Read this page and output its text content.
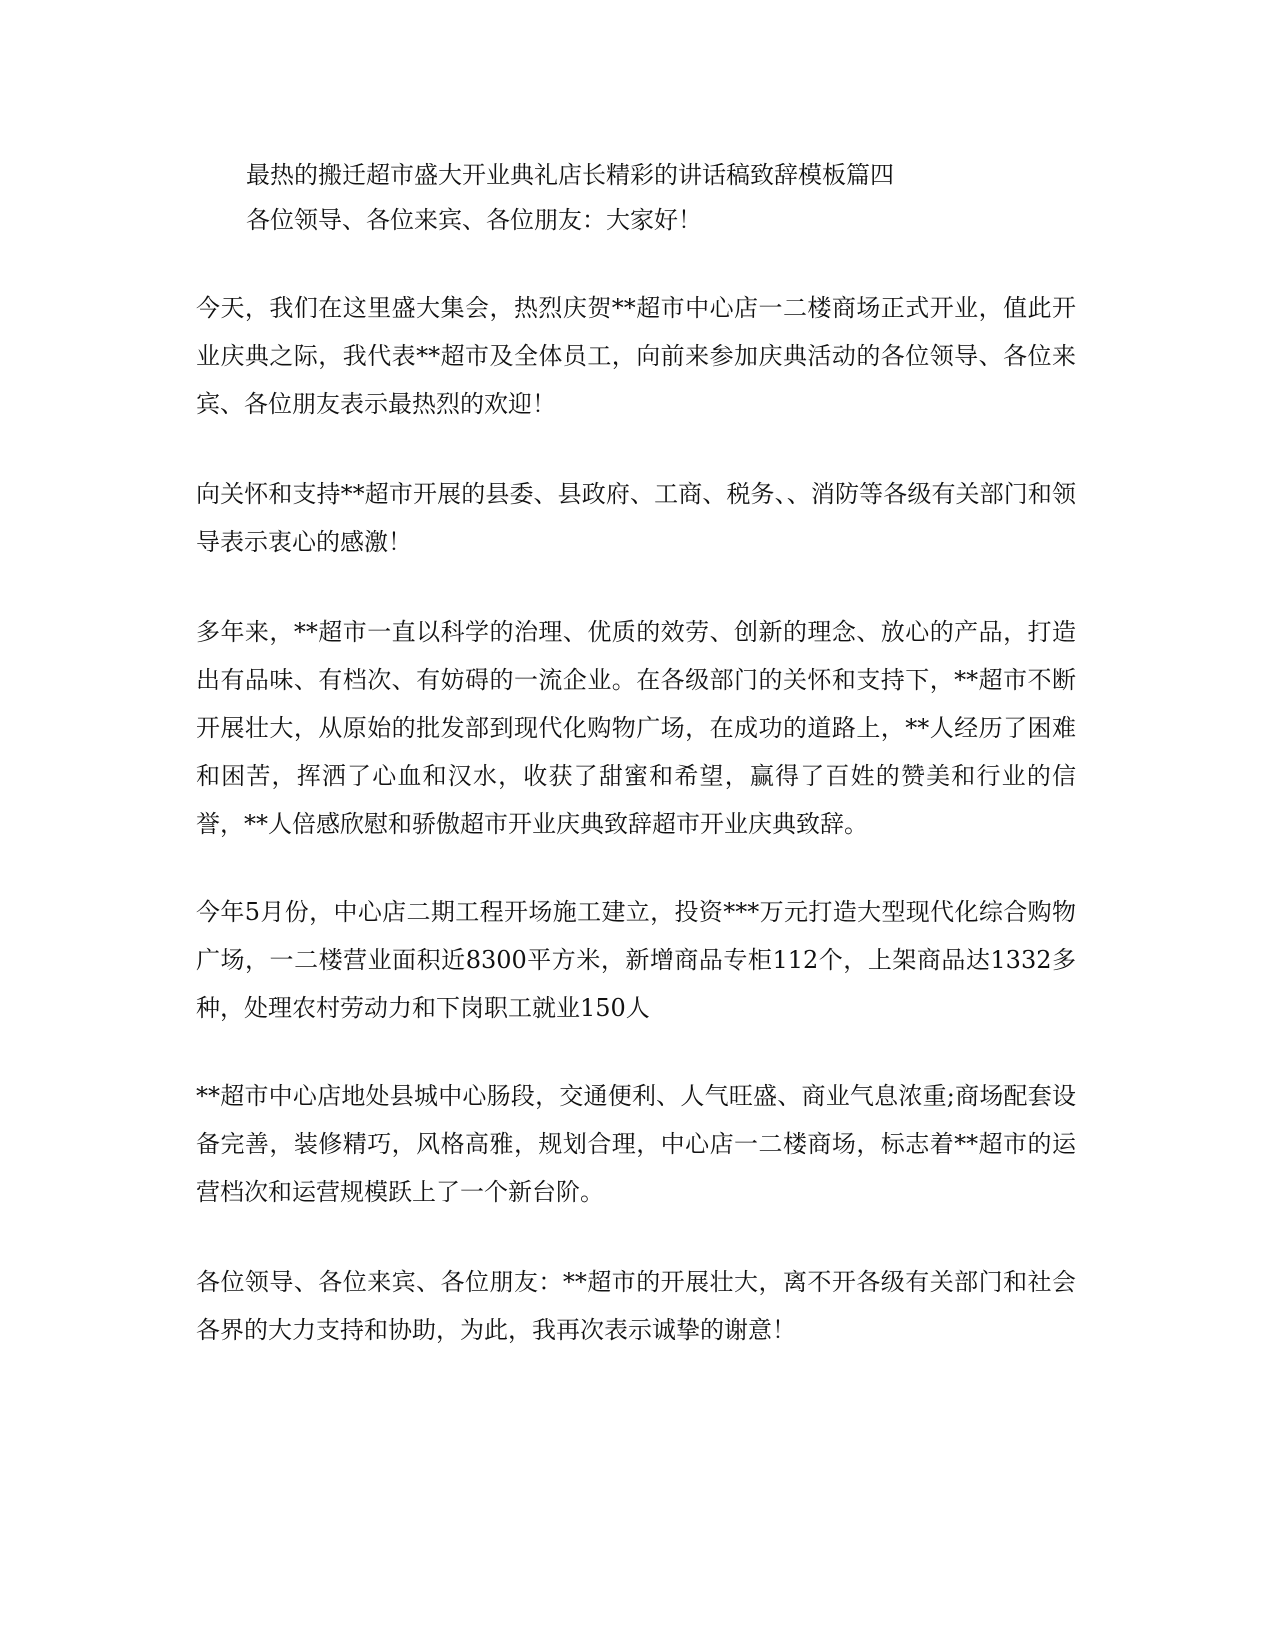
最热的搬迁超市盛大开业典礼店长精彩的讲话稿致辞模板篇四
各位领导、各位来宾、各位朋友：大家好！

今天，我们在这里盛大集会，热烈庆贺**超市中心店一二楼商场正式开业，值此开业庆典之际，我代表**超市及全体员工，向前来参加庆典活动的各位领导、各位来宾、各位朋友表示最热烈的欢迎！

向关怀和支持**超市开展的县委、县政府、工商、税务、、消防等各级有关部门和领导表示衷心的感激！

多年来，**超市一直以科学的治理、优质的效劳、创新的理念、放心的产品，打造出有品味、有档次、有妨碍的一流企业。在各级部门的关怀和支持下，**超市不断开展壮大，从原始的批发部到现代化购物广场，在成功的道路上，**人经历了困难和困苦，挥洒了心血和汉水，收获了甜蜜和希望，赢得了百姓的赞美和行业的信誉，**人倍感欣慰和骄傲超市开业庆典致辞超市开业庆典致辞。

今年5月份，中心店二期工程开场施工建立，投资***万元打造大型现代化综合购物广场，一二楼营业面积近8300平方米，新增商品专柜112个，上架商品达1332多种，处理农村劳动力和下岗职工就业150人

**超市中心店地处县城中心肠段，交通便利、人气旺盛、商业气息浓重;商场配套设备完善，装修精巧，风格高雅，规划合理，中心店一二楼商场，标志着**超市的运营档次和运营规模跃上了一个新台阶。

各位领导、各位来宾、各位朋友：**超市的开展壮大，离不开各级有关部门和社会各界的大力支持和协助，为此，我再次表示诚挚的谢意！
